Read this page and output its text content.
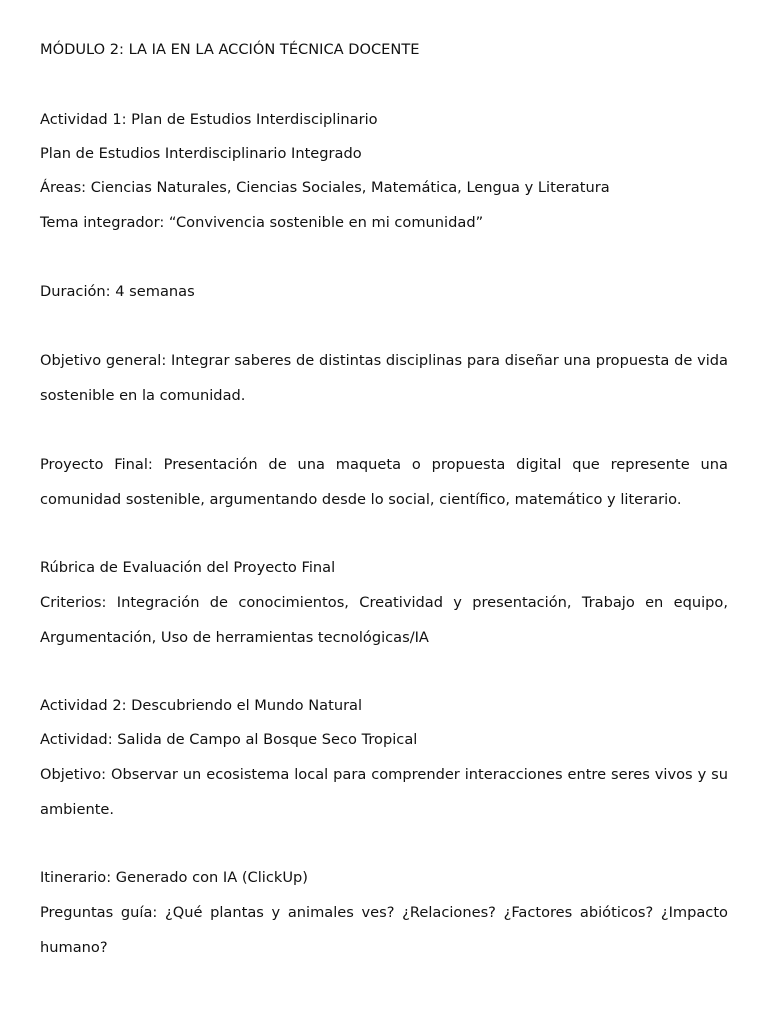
MÓDULO 2: LA IA EN LA ACCIÓN TÉCNICA DOCENTE
Actividad 1: Plan de Estudios Interdisciplinario
Plan de Estudios Interdisciplinario Integrado
Áreas: Ciencias Naturales, Ciencias Sociales, Matemática, Lengua y Literatura
Tema integrador: “Convivencia sostenible en mi comunidad”
Duración: 4 semanas
Objetivo general: Integrar saberes de distintas disciplinas para diseñar una propuesta de vida sostenible en la comunidad.
Proyecto Final: Presentación de una maqueta o propuesta digital que represente una comunidad sostenible, argumentando desde lo social, científico, matemático y literario.
Rúbrica de Evaluación del Proyecto Final
Criterios: Integración de conocimientos, Creatividad y presentación, Trabajo en equipo, Argumentación, Uso de herramientas tecnológicas/IA
Actividad 2: Descubriendo el Mundo Natural
Actividad: Salida de Campo al Bosque Seco Tropical
Objetivo: Observar un ecosistema local para comprender interacciones entre seres vivos y su ambiente.
Itinerario: Generado con IA (ClickUp)
Preguntas guía: ¿Qué plantas y animales ves? ¿Relaciones? ¿Factores abióticos? ¿Impacto humano?
